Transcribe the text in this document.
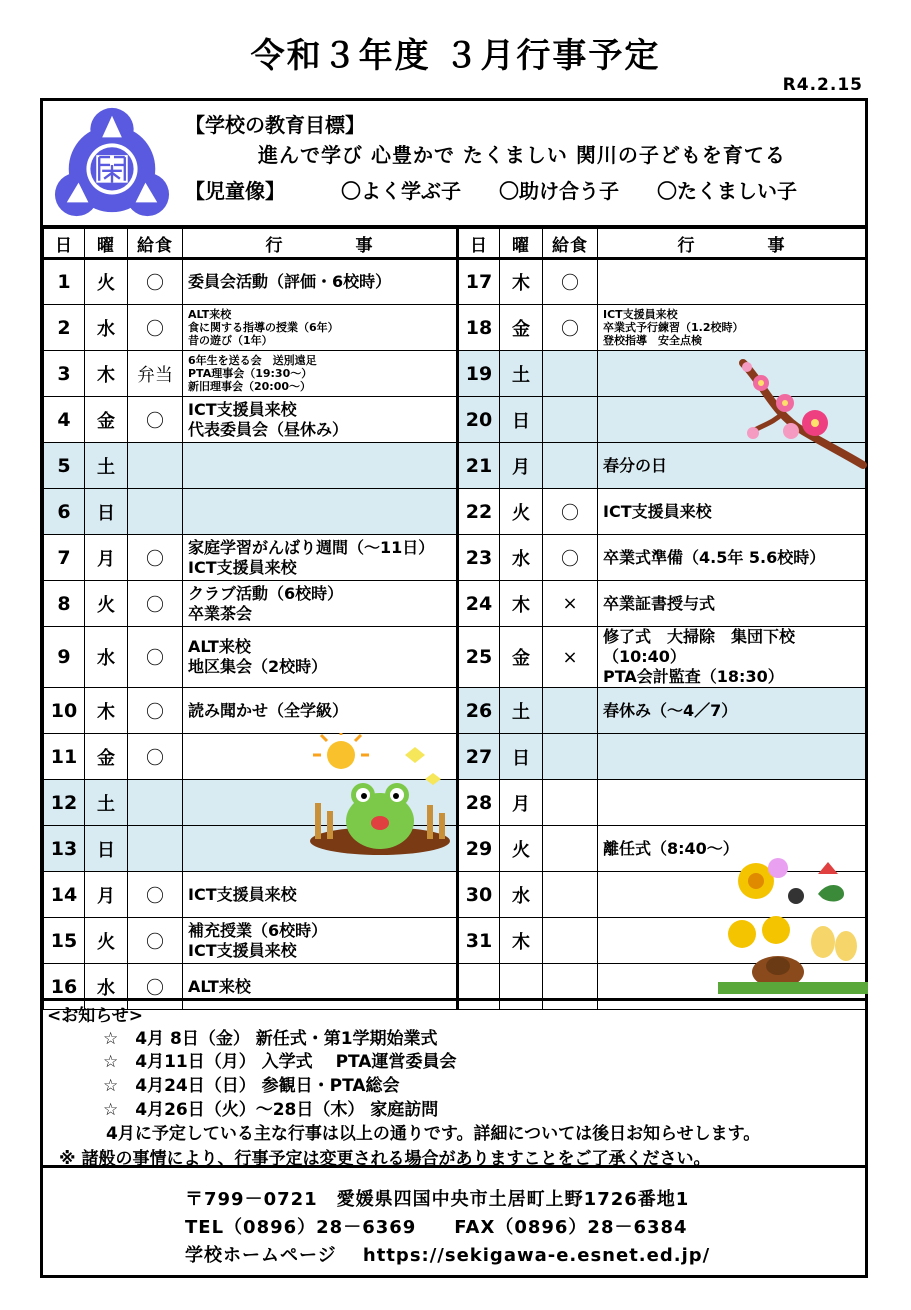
令和３年度 ３月行事予定
R4.2.15
【学校の教育目標】
進んで学び 心豊かで たくましい 関川の子どもを育てる
【児童像】	〇よく学ぶ子 〇助け合う子 〇たくましい子
日	曜	給食	行　　　　事	日	曜	給食	行　　　　事
1	火	〇	委員会活動（評価・6校時）	17	木	〇	
2	水	〇	ALT来校
食に関する指導の授業（6年）
昔の遊び（1年）	18	金	〇	ICT支援員来校
卒業式予行練習（1.2校時）
登校指導　安全点検
3	木	弁当	6年生を送る会　送別遠足
PTA理事会（19:30～）
新旧理事会（20:00～）	19	土		
4	金	〇	ICT支援員来校
代表委員会（昼休み）	20	日		
5	土			21	月		春分の日
6	日			22	火	〇	ICT支援員来校
7	月	〇	家庭学習がんばり週間（～11日）
ICT支援員来校	23	水	〇	卒業式準備（4.5年 5.6校時）
8	火	〇	クラブ活動（6校時）
卒業茶会	24	木	×	卒業証書授与式
9	水	〇	ALT来校
地区集会（2校時）	25	金	×	修了式　大掃除　集団下校（10:40）
PTA会計監査（18:30）
10	木	〇	読み聞かせ（全学級）	26	土		春休み（～4／7）
11	金	〇		27	日		
12	土			28	月		
13	日			29	火		離任式（8:40～）
14	月	〇	ICT支援員来校	30	水		
15	火	〇	補充授業（6校時）
ICT支援員来校	31	木		
16	水	〇	ALT来校				
<お知らせ>
☆　4月 8日（金） 新任式・第1学期始業式
☆　4月11日（月） 入学式　 PTA運営委員会
☆　4月24日（日） 参観日・PTA総会
☆　4月26日（火）～28日（木） 家庭訪問
4月に予定している主な行事は以上の通りです。詳細については後日お知らせします。
※ 諸般の事情により、行事予定は変更される場合がありますことをご了承ください。
〒799－0721　愛媛県四国中央市土居町上野1726番地1
TEL（0896）28－6369　　FAX（0896）28－6384
学校ホームページ　 https://sekigawa-e.esnet.ed.jp/
